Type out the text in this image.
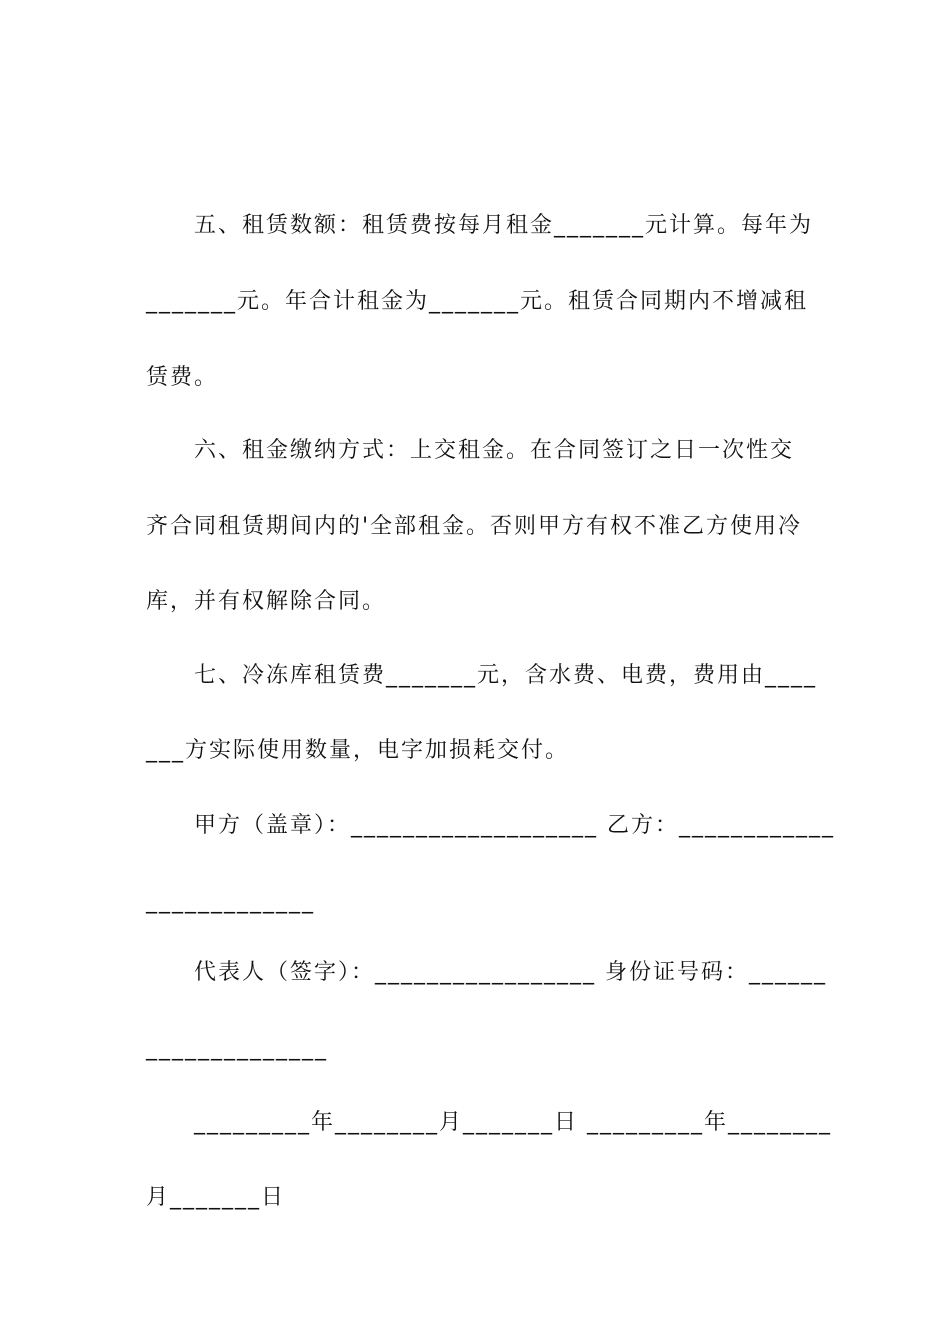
五、租赁数额：租赁费按每月租金_______元计算。每年为
_______元。年合计租金为_______元。租赁合同期内不增减租
赁费。
六、租金缴纳方式：上交租金。在合同签订之日一次性交
齐合同租赁期间内的'全部租金。否则甲方有权不准乙方使用冷
库，并有权解除合同。
七、冷冻库租赁费_______元，含水费、电费，费用由____
___方实际使用数量，电字加损耗交付。
甲方（盖章）：___________________ 乙方：____________
_____________
代表人（签字）：_________________ 身份证号码：______
______________
_________年________月_______日 _________年________
月_______日
